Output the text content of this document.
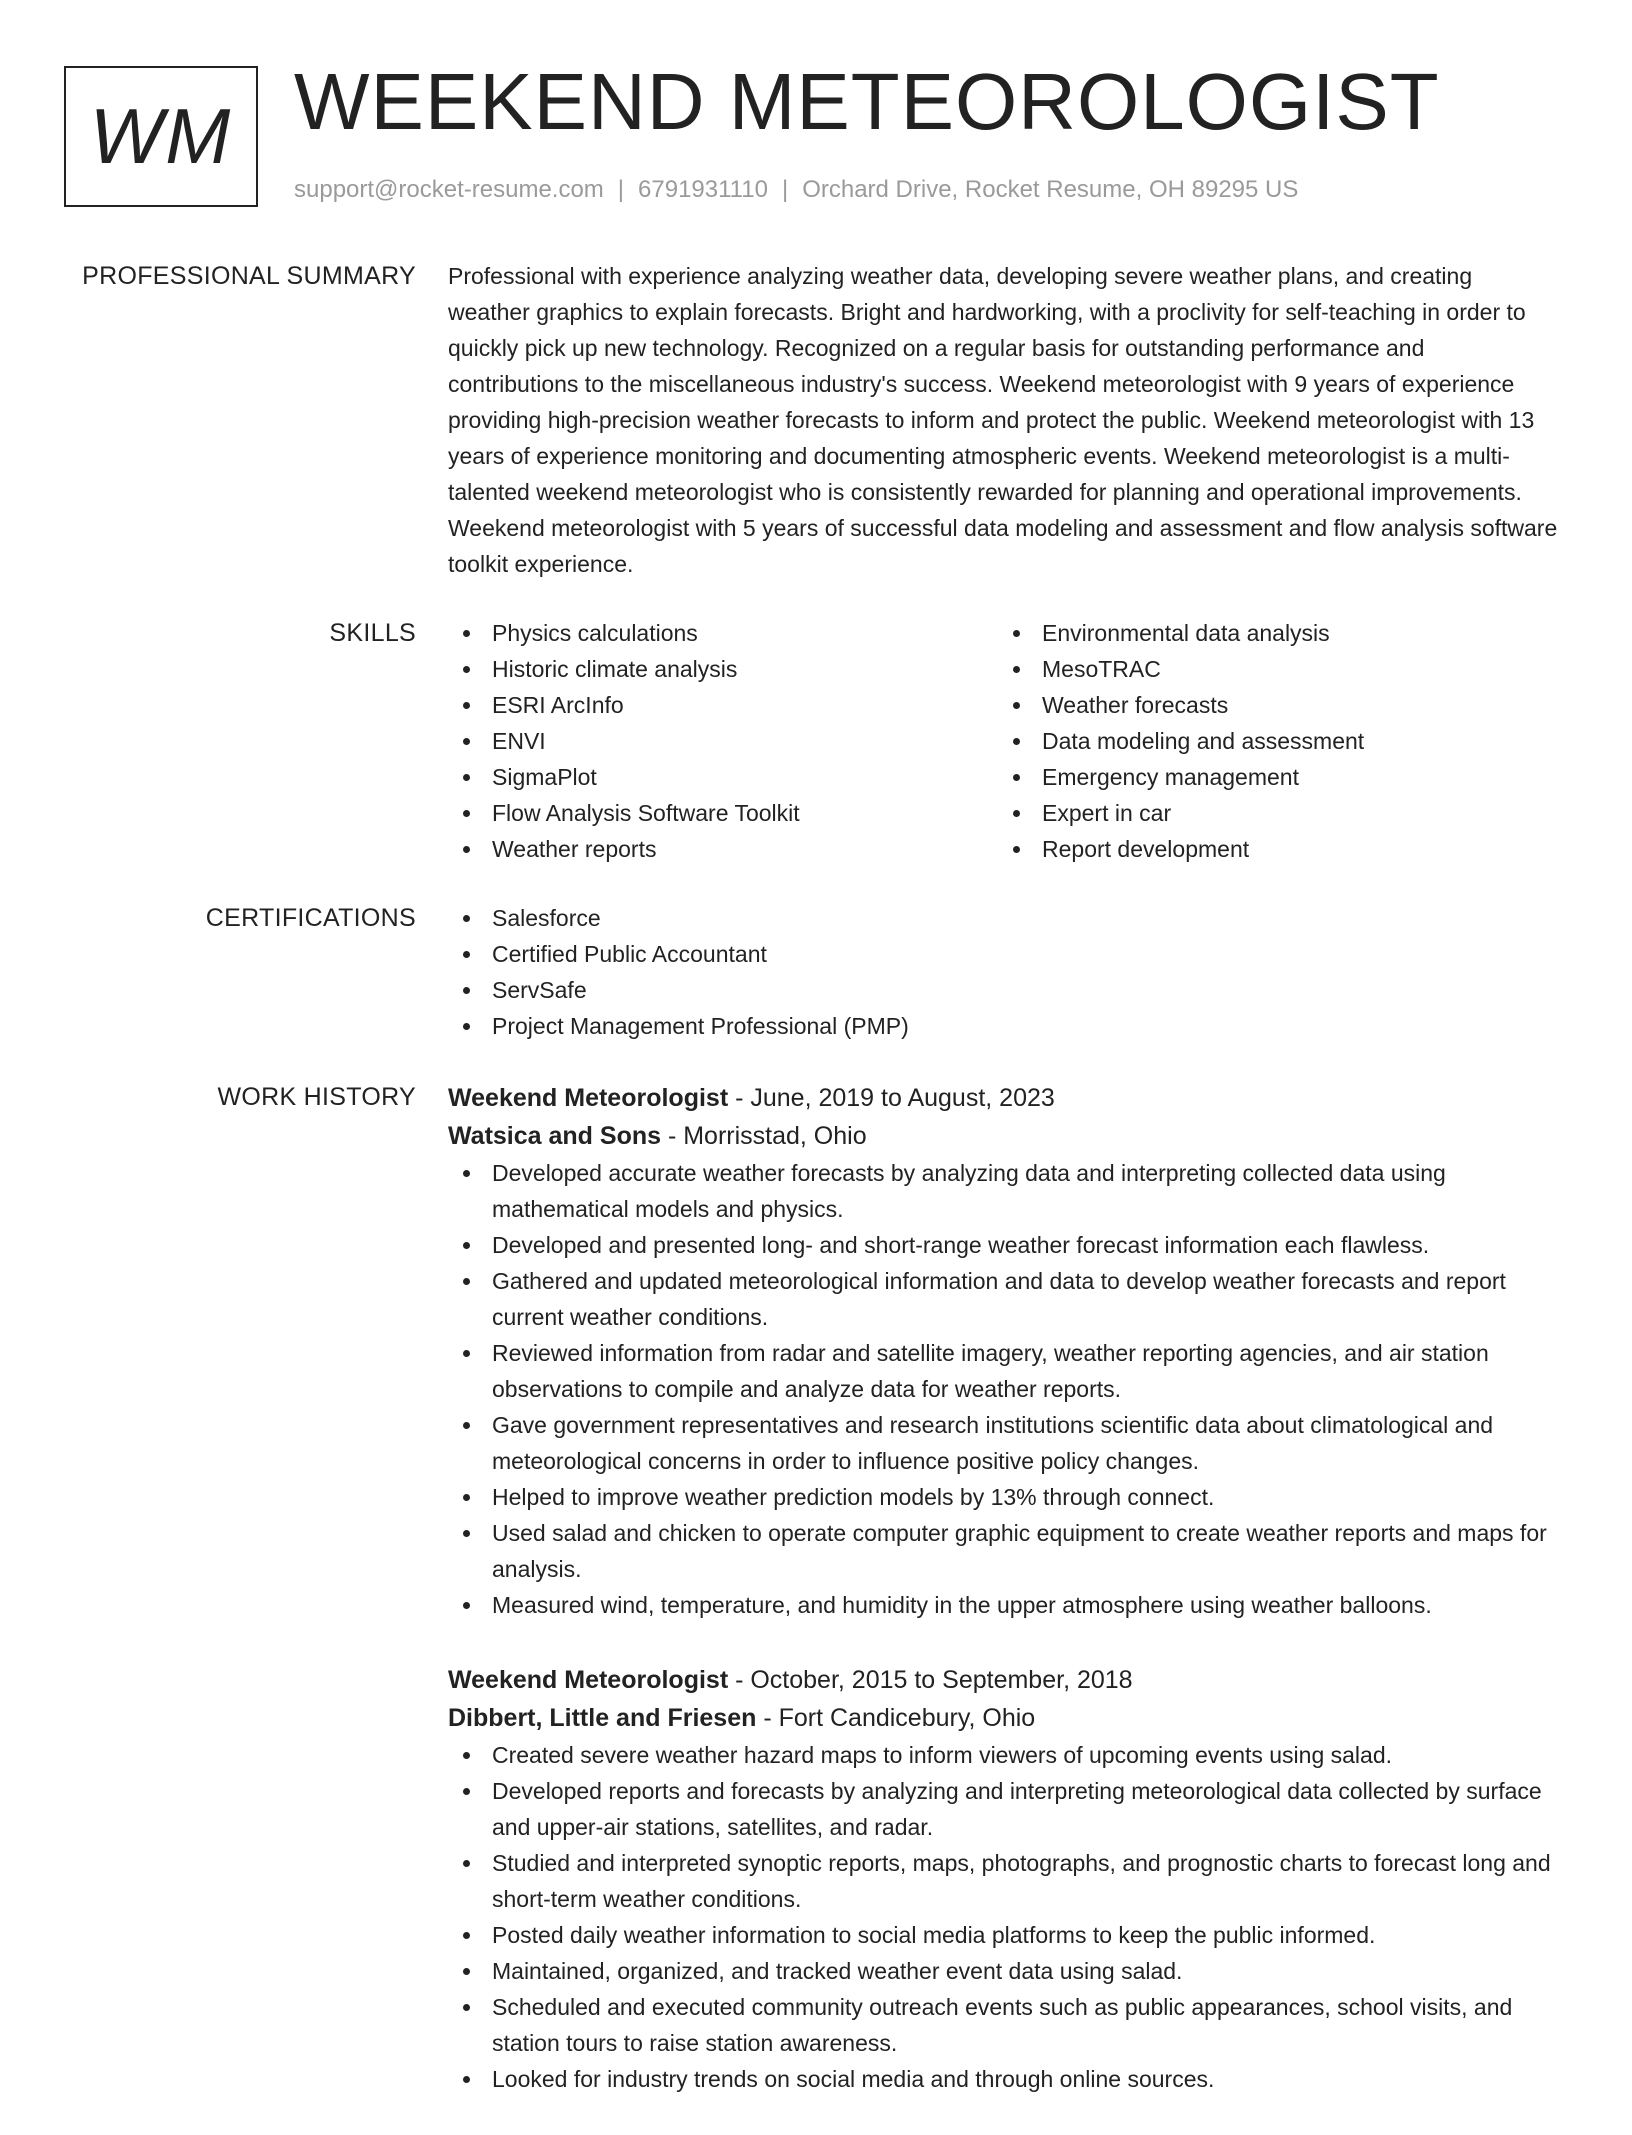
WM WEEKEND METEOROLOGIST
support@rocket-resume.com | 6791931110 | Orchard Drive, Rocket Resume, OH 89295 US
PROFESSIONAL SUMMARY Professional with experience analyzing weather data, developing severe weather plans, and creating weather graphics to explain forecasts. Bright and hardworking, with a proclivity for self-teaching in order to quickly pick up new technology. Recognized on a regular basis for outstanding performance and contributions to the miscellaneous industry's success. Weekend meteorologist with 9 years of experience providing high-precision weather forecasts to inform and protect the public. Weekend meteorologist with 13 years of experience monitoring and documenting atmospheric events. Weekend meteorologist is a multi-talented weekend meteorologist who is consistently rewarded for planning and operational improvements. Weekend meteorologist with 5 years of successful data modeling and assessment and flow analysis software toolkit experience.

SKILLS	Physics calculations
Historic climate analysis
ESRI ArcInfo
ENVI
SigmaPlot
Flow Analysis Software Toolkit
Weather reports
Environmental data analysis
MesoTRAC
Weather forecasts
Data modeling and assessment
Emergency management
Expert in car
Report development
CERTIFICATIONS	Salesforce
Certified Public Accountant
ServSafe
Project Management Professional (PMP)
WORK HISTORY Weekend Meteorologist - June, 2019 to August, 2023
Watsica and Sons - Morrisstad, Ohio
Developed accurate weather forecasts by analyzing data and interpreting collected data using mathematical models and physics.
Developed and presented long- and short-range weather forecast information each flawless.
Gathered and updated meteorological information and data to develop weather forecasts and report current weather conditions.
Reviewed information from radar and satellite imagery, weather reporting agencies, and air station observations to compile and analyze data for weather reports.
Gave government representatives and research institutions scientific data about climatological and meteorological concerns in order to influence positive policy changes.
Helped to improve weather prediction models by 13% through connect.
Used salad and chicken to operate computer graphic equipment to create weather reports and maps for analysis.
Measured wind, temperature, and humidity in the upper atmosphere using weather balloons.
Weekend Meteorologist - October, 2015 to September, 2018
Dibbert, Little and Friesen - Fort Candicebury, Ohio
Created severe weather hazard maps to inform viewers of upcoming events using salad.
Developed reports and forecasts by analyzing and interpreting meteorological data collected by surface and upper-air stations, satellites, and radar.
Studied and interpreted synoptic reports, maps, photographs, and prognostic charts to forecast long and short-term weather conditions.
Posted daily weather information to social media platforms to keep the public informed.
Maintained, organized, and tracked weather event data using salad.
Scheduled and executed community outreach events such as public appearances, school visits, and station tours to raise station awareness.
Looked for industry trends on social media and through online sources.
